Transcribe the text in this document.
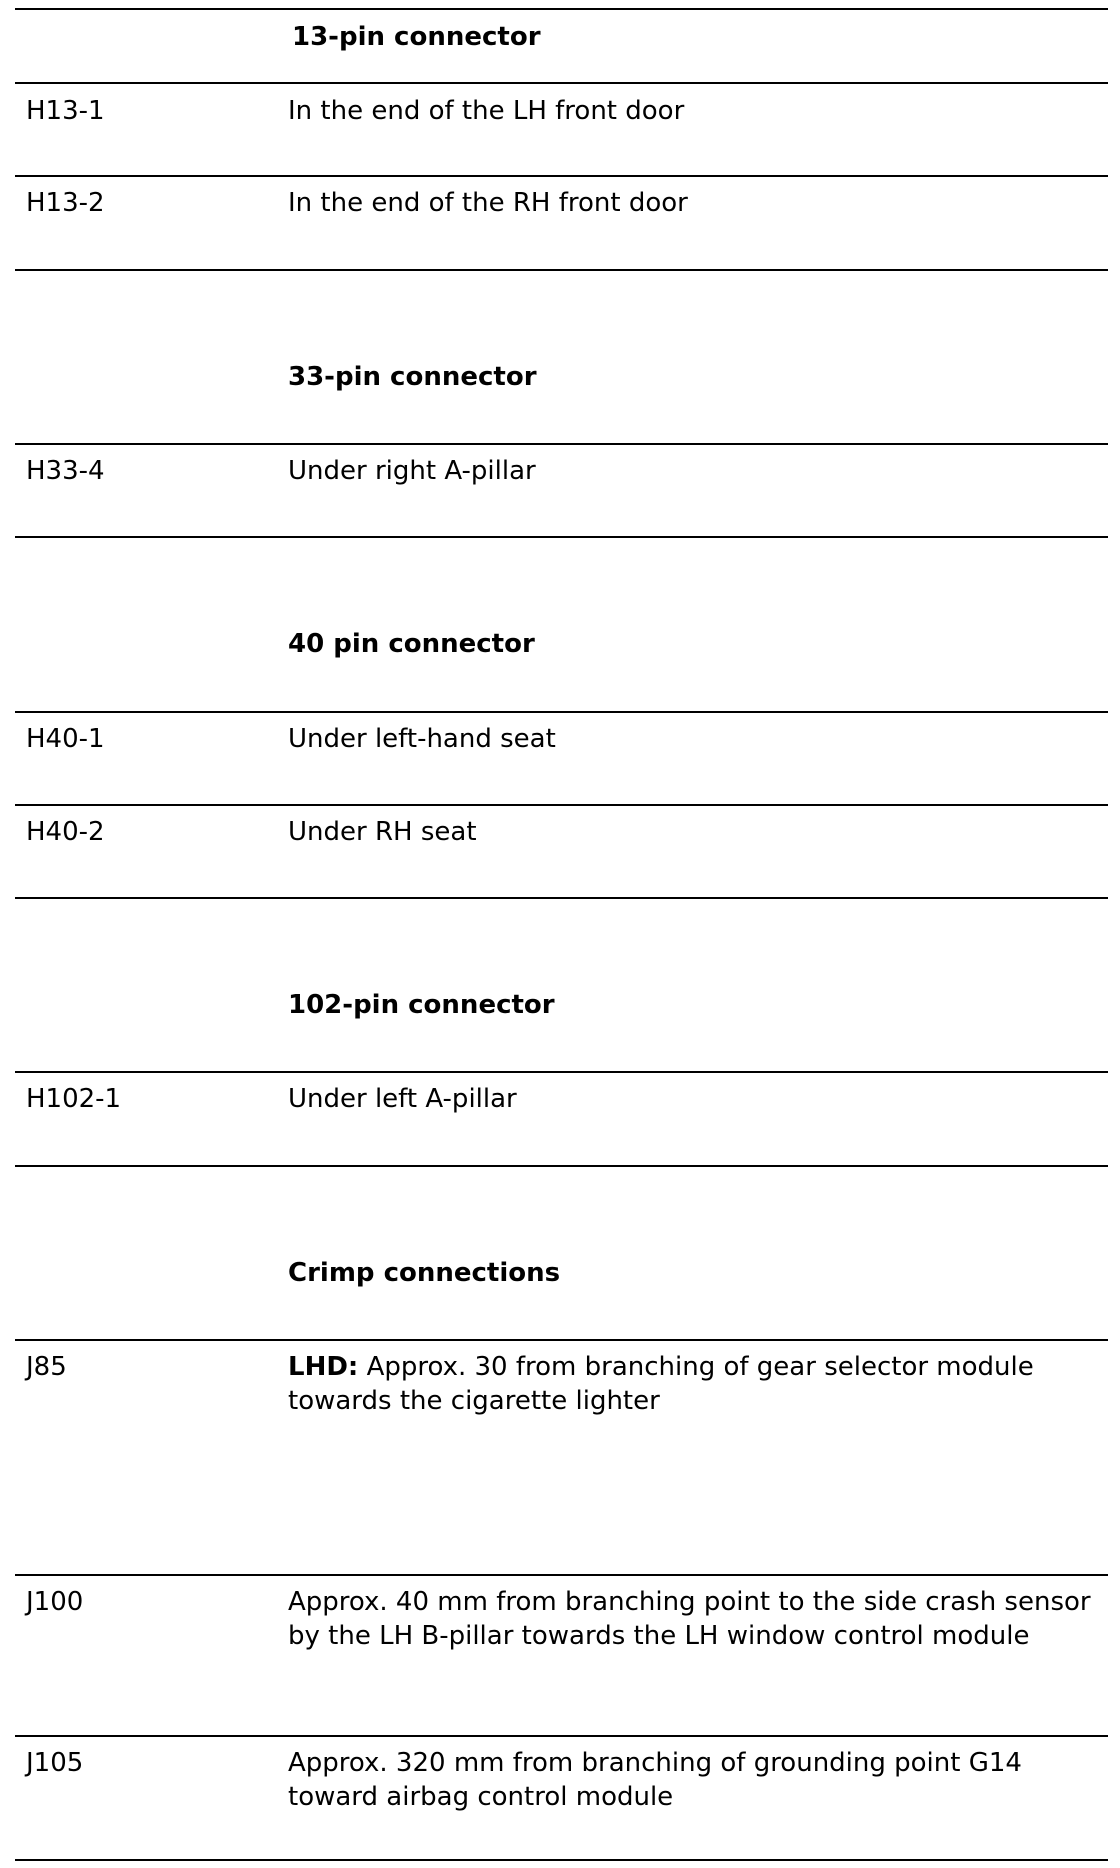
13-pin connector
H13-1	In the end of the LH front door
H13-2	In the end of the RH front door
33-pin connector
H33-4	Under right A-pillar
40 pin connector
H40-1	Under left-hand seat
H40-2	Under RH seat
102-pin connector
H102-1	Under left A-pillar
Crimp connections
J85	LHD: Approx. 30 from branching of gear selector module towards the cigarette lighter
J100	Approx. 40 mm from branching point to the side crash sensor by the LH B-pillar towards the LH window control module
J105	Approx. 320 mm from branching of grounding point G14 toward airbag control module
